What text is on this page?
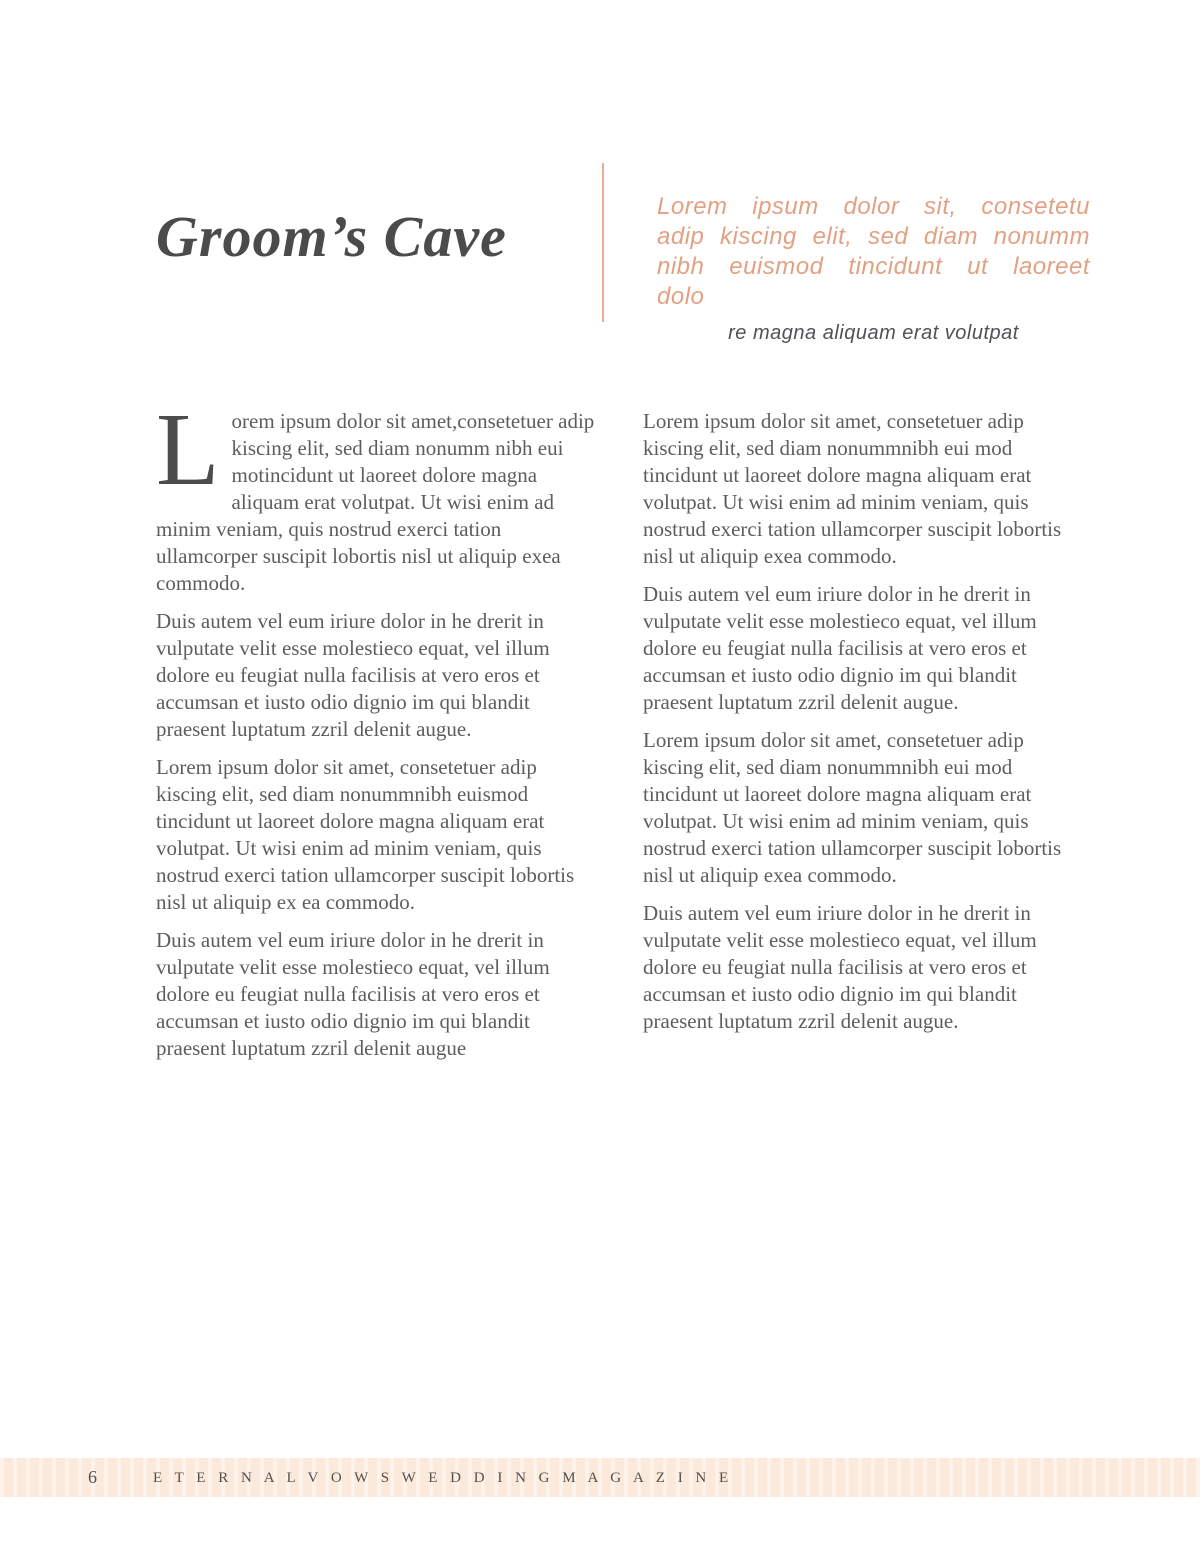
Groom’s Cave	Lorem ipsum dolor sit, consetetu adip kiscing elit, sed diam nonumm nibh euismod tincidunt ut laoreet dolo

re magna aliquam erat volutpat

Lorem ipsum dolor sit amet,consetetuer adip kiscing elit, sed diam nonumm nibh eui motincidunt ut laoreet dolore magna aliquam erat volutpat. Ut wisi enim ad minim veniam, quis nostrud exerci tation ullamcorper suscipit lobortis nisl ut aliquip exea commodo.

Duis autem vel eum iriure dolor in he drerit in vulputate velit esse molestieco equat, vel illum dolore eu feugiat nulla facilisis at vero eros et accumsan et iusto odio dignio im qui blandit praesent luptatum zzril delenit augue.

Lorem ipsum dolor sit amet, consetetuer adip kiscing elit, sed diam nonummnibh euismod tincidunt ut laoreet dolore magna aliquam erat volutpat. Ut wisi enim ad minim veniam, quis nostrud exerci tation ullamcorper suscipit lobortis nisl ut aliquip ex ea commodo.

Duis autem vel eum iriure dolor in he drerit in vulputate velit esse molestieco equat, vel illum dolore eu feugiat nulla facilisis at vero eros et accumsan et iusto odio dignio im qui blandit praesent luptatum zzril delenit augue

Lorem ipsum dolor sit amet, consetetuer adip kiscing elit, sed diam nonummnibh eui mod tincidunt ut laoreet dolore magna aliquam erat volutpat. Ut wisi enim ad minim veniam, quis nostrud exerci tation ullamcorper suscipit lobortis nisl ut aliquip exea commodo.

Duis autem vel eum iriure dolor in he drerit in vulputate velit esse molestieco equat, vel illum dolore eu feugiat nulla facilisis at vero eros et accumsan et iusto odio dignio im qui blandit praesent luptatum zzril delenit augue.

Lorem ipsum dolor sit amet, consetetuer adip kiscing elit, sed diam nonummnibh eui mod tincidunt ut laoreet dolore magna aliquam erat volutpat. Ut wisi enim ad minim veniam, quis nostrud exerci tation ullamcorper suscipit lobortis nisl ut aliquip exea commodo.

Duis autem vel eum iriure dolor in he drerit in vulputate velit esse molestieco equat, vel illum dolore eu feugiat nulla facilisis at vero eros et accumsan et iusto odio dignio im qui blandit praesent luptatum zzril delenit augue.

6	E T E R N A L V O W S W E D D I N G M A G A Z I N E
